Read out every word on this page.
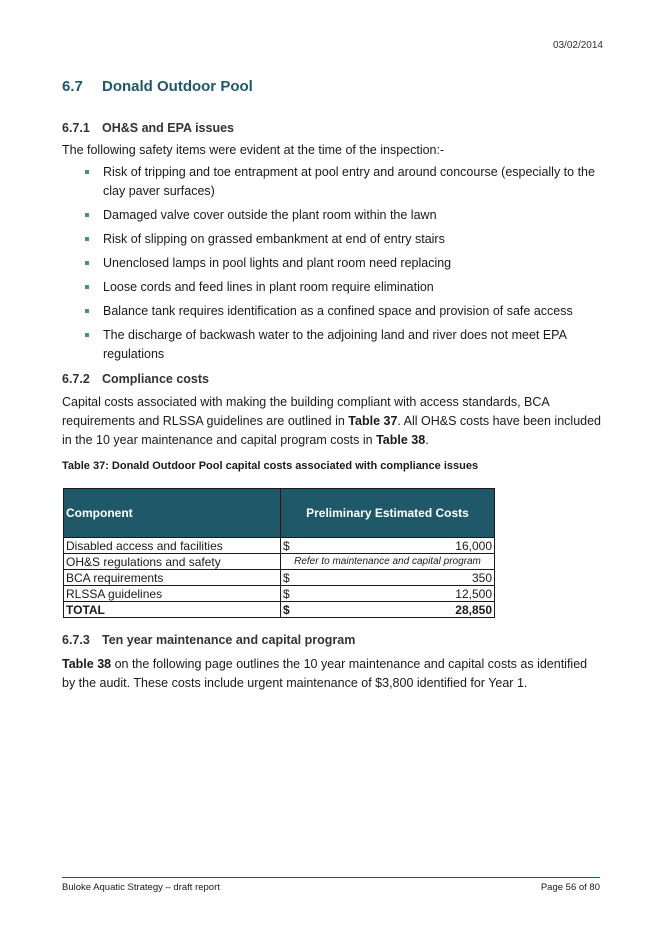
03/02/2014
6.7 Donald Outdoor Pool
6.7.1 OH&S and EPA issues
The following safety items were evident at the time of the inspection:-
Risk of tripping and toe entrapment at pool entry and around concourse (especially to the clay paver surfaces)
Damaged valve cover outside the plant room within the lawn
Risk of slipping on grassed embankment at end of entry stairs
Unenclosed lamps in pool lights and plant room need replacing
Loose cords and feed lines in plant room require elimination
Balance tank requires identification as a confined space and provision of safe access
The discharge of backwash water to the adjoining land and river does not meet EPA regulations
6.7.2 Compliance costs
Capital costs associated with making the building compliant with access standards, BCA requirements and RLSSA guidelines are outlined in Table 37. All OH&S costs have been included in the 10 year maintenance and capital program costs in Table 38.
Table 37: Donald Outdoor Pool capital costs associated with compliance issues
Component	Preliminary Estimated Costs
Disabled access and facilities	$ 16,000

OH&S regulations and safety	Refer to maintenance and capital program
BCA requirements	$ 350

RLSSA guidelines	$ 12,500

TOTAL	$ 28,850
6.7.3 Ten year maintenance and capital program
Table 38 on the following page outlines the 10 year maintenance and capital costs as identified by the audit. These costs include urgent maintenance of $3,800 identified for Year 1.
Buloke Aquatic Strategy – draft report	Page 56 of 80
